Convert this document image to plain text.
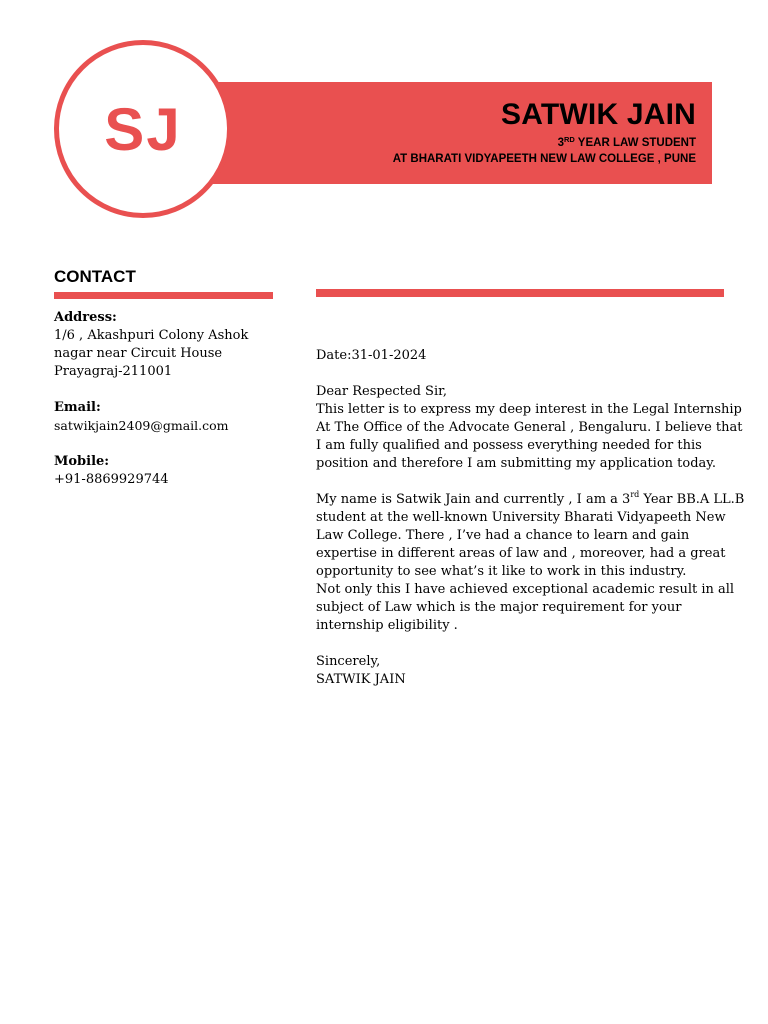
SATWIK JAIN
3RD YEAR LAW STUDENT
AT BHARATI VIDYAPEETH NEW LAW COLLEGE , PUNE
SJ
CONTACT
Address:
1/6 , Akashpuri Colony Ashok
nagar near Circuit House
Prayagraj-211001
Email:
satwikjain2409@gmail.com
Mobile:
+91-8869929744
Date:31-01-2024
Dear Respected Sir,
This letter is to express my deep interest in the Legal Internship
At The Office of the Advocate General , Bengaluru. I believe that
I am fully qualified and possess everything needed for this
position and therefore I am submitting my application today.
My name is Satwik Jain and currently , I am a 3rd Year BB.A LL.B
student at the well-known University Bharati Vidyapeeth New
Law College. There , I’ve had a chance to learn and gain
expertise in different areas of law and , moreover, had a great
opportunity to see what’s it like to work in this industry.
Not only this I have achieved exceptional academic result in all
subject of Law which is the major requirement for your
internship eligibility .
Sincerely,
SATWIK JAIN
